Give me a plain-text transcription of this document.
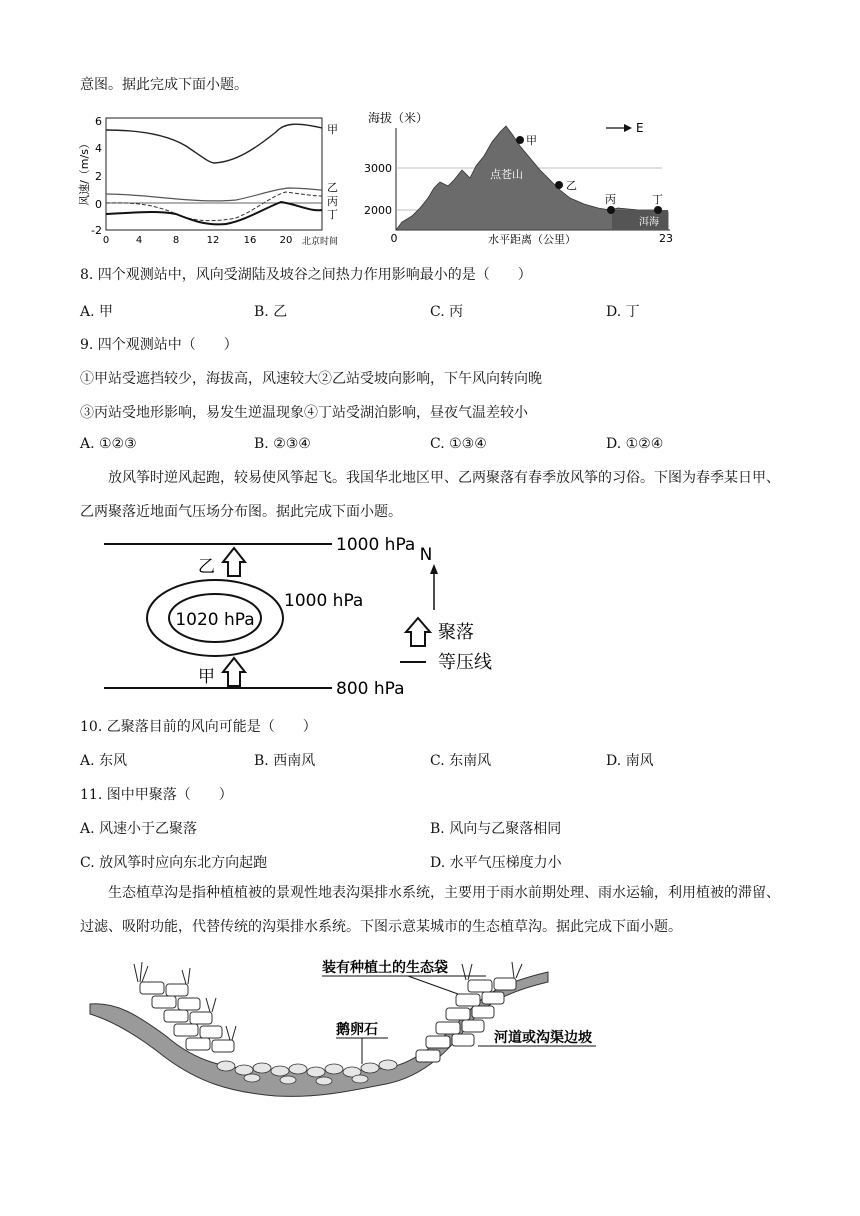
意图。据此完成下面小题。
风速/（m/s）
6
4
2
0
-2
甲
乙
丙
丁
0	4	8	12 16 20 北京时间
海拔（米）
3000
2000
点苍山
洱海
甲
乙
丙	丁
E
0	水平距离（公里）	23
8. 四个观测站中，风向受湖陆及坡谷之间热力作用影响最小的是（　　）
A. 甲	B. 乙	C. 丙	D. 丁
9. 四个观测站中（　　）
①甲站受遮挡较少，海拔高，风速较大②乙站受坡向影响，下午风向转向晚
③丙站受地形影响，易发生逆温现象④丁站受湖泊影响，昼夜气温差较小
A. ①②③	B. ②③④	C. ①③④	D. ①②④
放风筝时逆风起跑，较易使风筝起飞。我国华北地区甲、乙两聚落有春季放风筝的习俗。下图为春季某日甲、乙两聚落近地面气压场分布图。据此完成下面小题。
1000 hPa
800 hPa
1020 hPa
1000 hPa
乙
甲
N
聚落
等压线
10. 乙聚落目前的风向可能是（　　）
A. 东风	B. 西南风	C. 东南风	D. 南风
11. 图中甲聚落（　　）
A. 风速小于乙聚落	B. 风向与乙聚落相同
C. 放风筝时应向东北方向起跑	D. 水平气压梯度力小
生态植草沟是指种植植被的景观性地表沟渠排水系统，主要用于雨水前期处理、雨水运输，利用植被的滞留、过滤、吸附功能，代替传统的沟渠排水系统。下图示意某城市的生态植草沟。据此完成下面小题。
装有种植土的生态袋
鹅卵石	河道或沟渠边坡
